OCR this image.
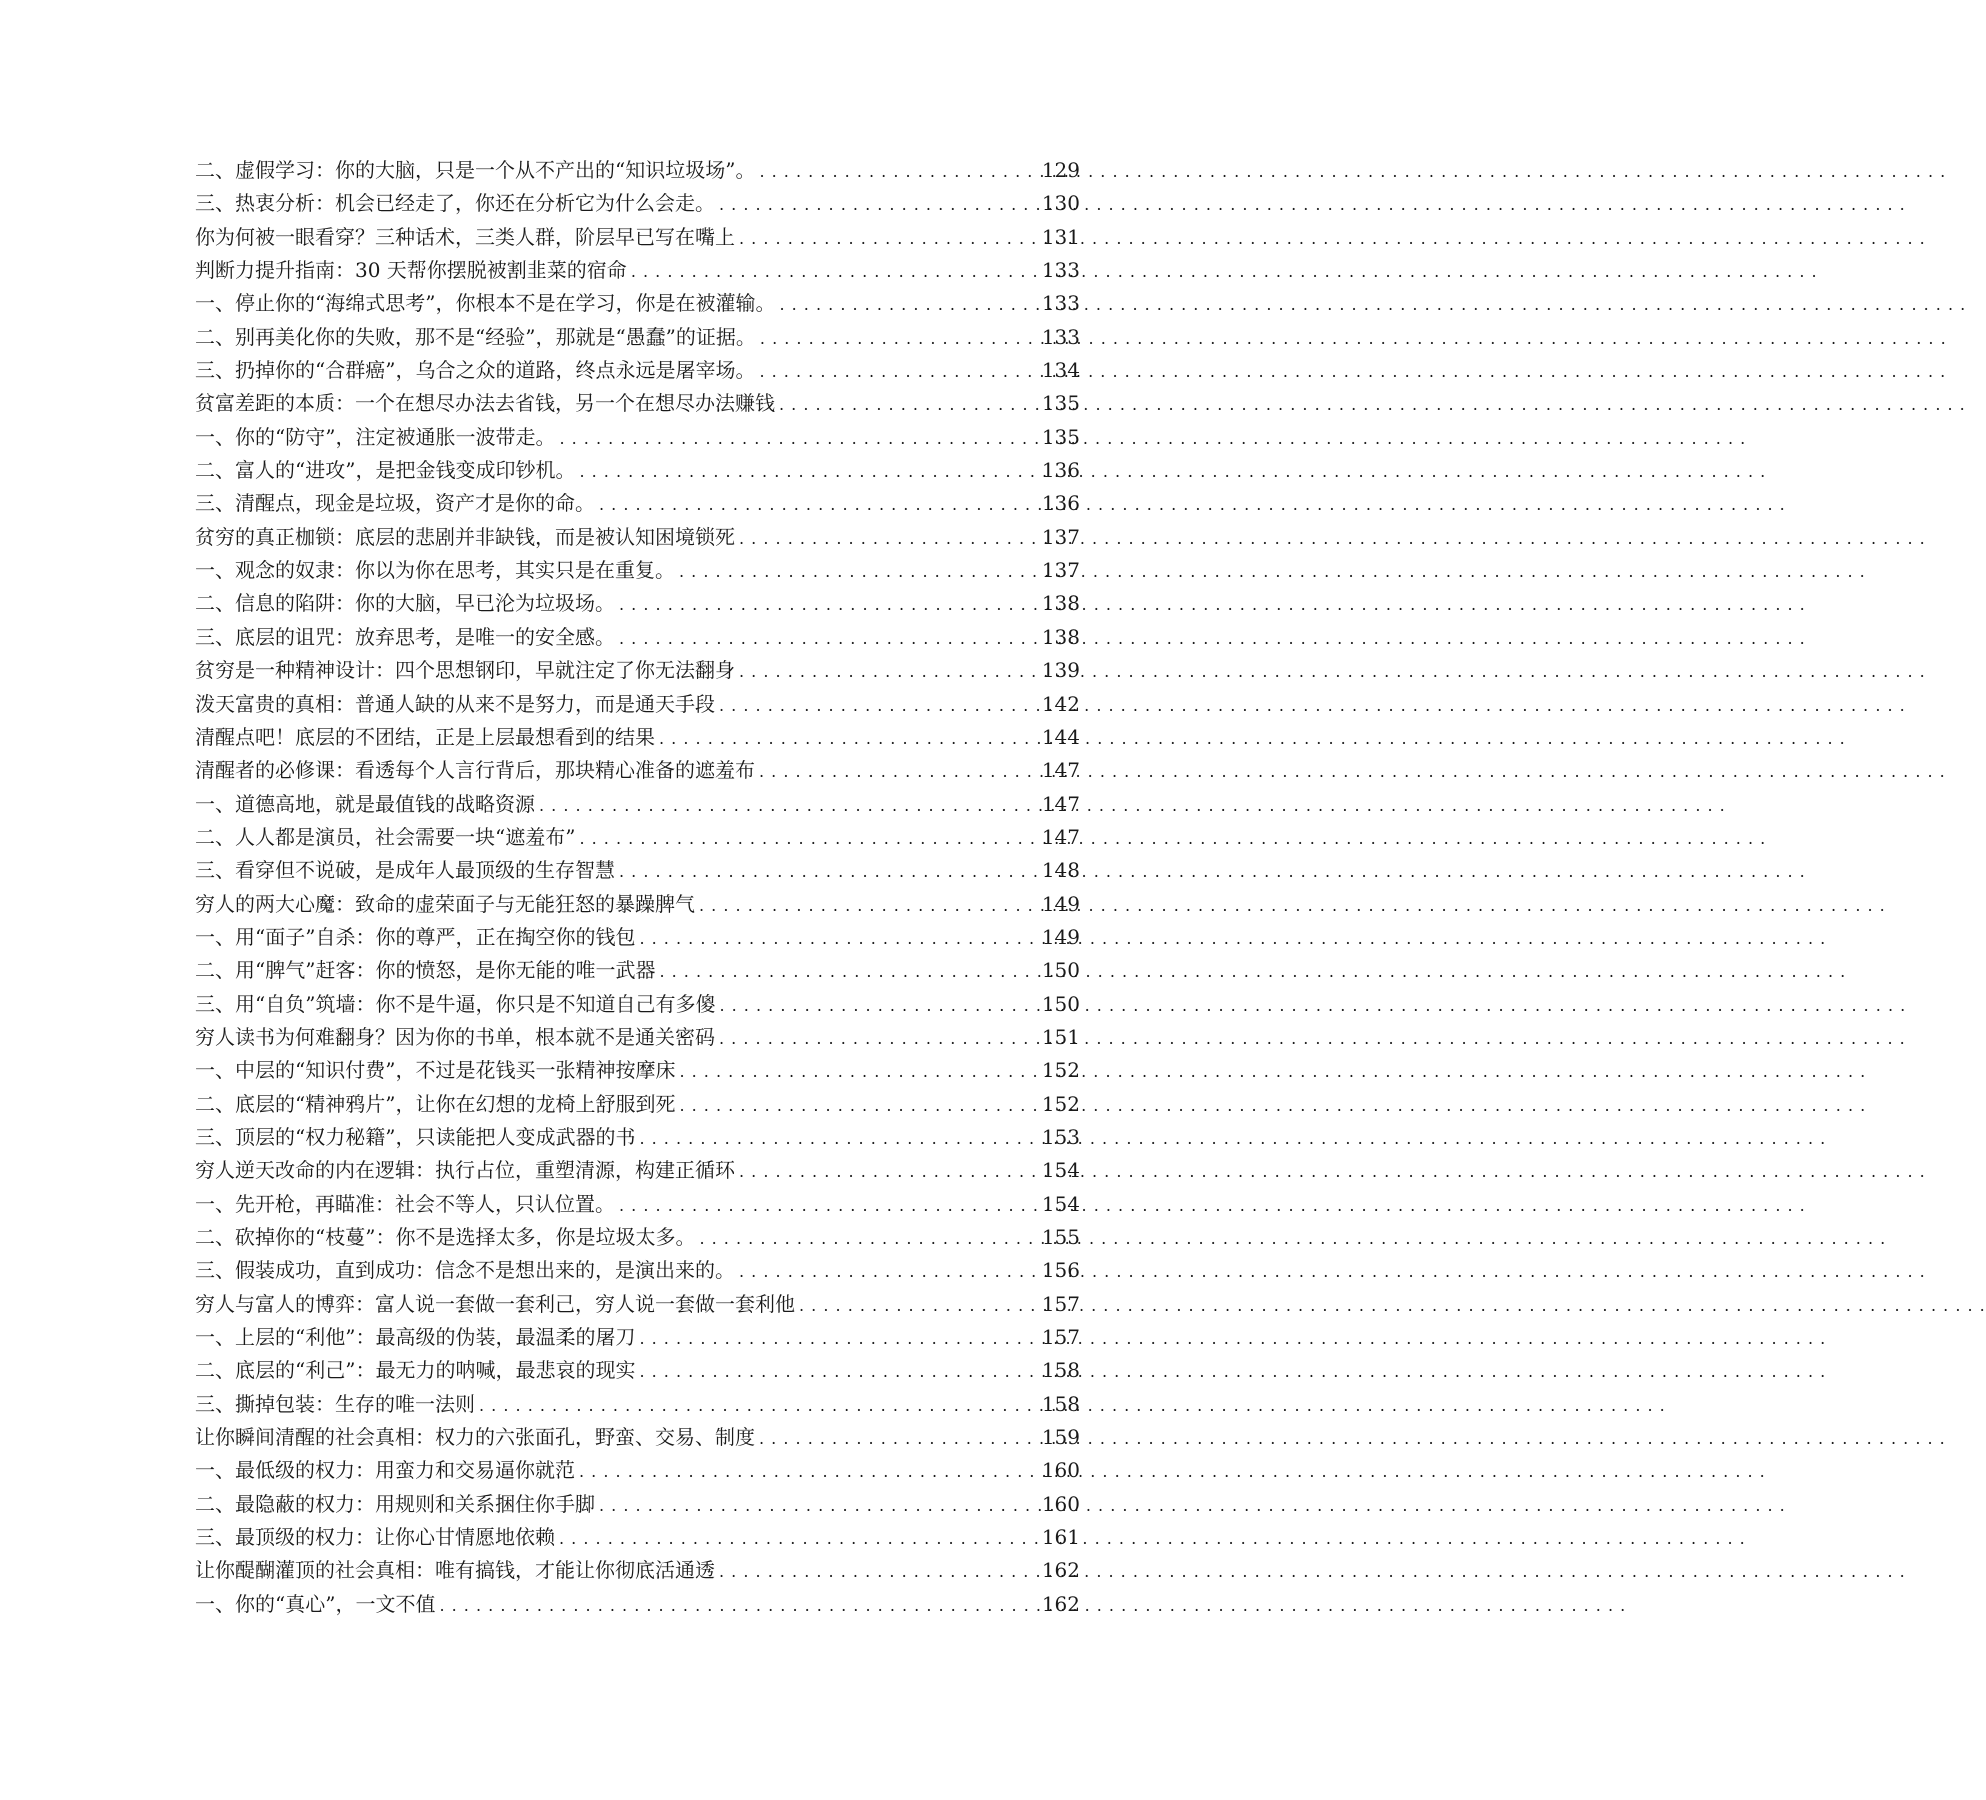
二、虚假学习：你的大脑，只是一个从不产出的“知识垃圾场”。 . . .	129
三、热衷分析：机会已经走了，你还在分析它为什么会走。 . . .	130
你为何被一眼看穿？三种话术，三类人群，阶层早已写在嘴上 . . .	131
判断力提升指南：30 天帮你摆脱被割韭菜的宿命 . . .	133
一、停止你的“海绵式思考”，你根本不是在学习，你是在被灌输。 . . .	133
二、别再美化你的失败，那不是“经验”，那就是“愚蠢”的证据。 . . .	133
三、扔掉你的“合群癌”，乌合之众的道路，终点永远是屠宰场。 . . .	134
贫富差距的本质：一个在想尽办法去省钱，另一个在想尽办法赚钱 . . .	135
一、你的“防守”，注定被通胀一波带走。 . . .	135
二、富人的“进攻”，是把金钱变成印钞机。 . . .	136
三、清醒点，现金是垃圾，资产才是你的命。 . . .	136
贫穷的真正枷锁：底层的悲剧并非缺钱，而是被认知困境锁死 . . .	137
一、观念的奴隶：你以为你在思考，其实只是在重复。 . . .	137
二、信息的陷阱：你的大脑，早已沦为垃圾场。 . . .	138
三、底层的诅咒：放弃思考，是唯一的安全感。 . . .	138
贫穷是一种精神设计：四个思想钢印，早就注定了你无法翻身 . . .	139
泼天富贵的真相：普通人缺的从来不是努力，而是通天手段 . . .	142
清醒点吧！底层的不团结，正是上层最想看到的结果 . . .	144
清醒者的必修课：看透每个人言行背后，那块精心准备的遮羞布 . . .	147
一、道德高地，就是最值钱的战略资源 . . .	147
二、人人都是演员，社会需要一块“遮羞布” . . .	147
三、看穿但不说破，是成年人最顶级的生存智慧 . . .	148
穷人的两大心魔：致命的虚荣面子与无能狂怒的暴躁脾气 . . .	149
一、用“面子”自杀：你的尊严，正在掏空你的钱包 . . .	149
二、用“脾气”赶客：你的愤怒，是你无能的唯一武器 . . .	150
三、用“自负”筑墙：你不是牛逼，你只是不知道自己有多傻 . . .	150
穷人读书为何难翻身？因为你的书单，根本就不是通关密码 . . .	151
一、中层的“知识付费”，不过是花钱买一张精神按摩床 . . .	152
二、底层的“精神鸦片”，让你在幻想的龙椅上舒服到死 . . .	152
三、顶层的“权力秘籍”，只读能把人变成武器的书 . . .	153
穷人逆天改命的内在逻辑：执行占位，重塑清源，构建正循环 . . .	154
一、先开枪，再瞄准：社会不等人，只认位置。 . . .	154
二、砍掉你的“枝蔓”：你不是选择太多，你是垃圾太多。 . . .	155
三、假装成功，直到成功：信念不是想出来的，是演出来的。 . . .	156
穷人与富人的博弈：富人说一套做一套利己，穷人说一套做一套利他 . . .	157
一、上层的“利他”：最高级的伪装，最温柔的屠刀 . . .	157
二、底层的“利己”：最无力的呐喊，最悲哀的现实 . . .	158
三、撕掉包装：生存的唯一法则 . . .	158
让你瞬间清醒的社会真相：权力的六张面孔，野蛮、交易、制度 . . .	159
一、最低级的权力：用蛮力和交易逼你就范 . . .	160
二、最隐蔽的权力：用规则和关系捆住你手脚 . . .	160
三、最顶级的权力：让你心甘情愿地依赖 . . .	161
让你醍醐灌顶的社会真相：唯有搞钱，才能让你彻底活通透 . . .	162
一、你的“真心”，一文不值 . . .	162
